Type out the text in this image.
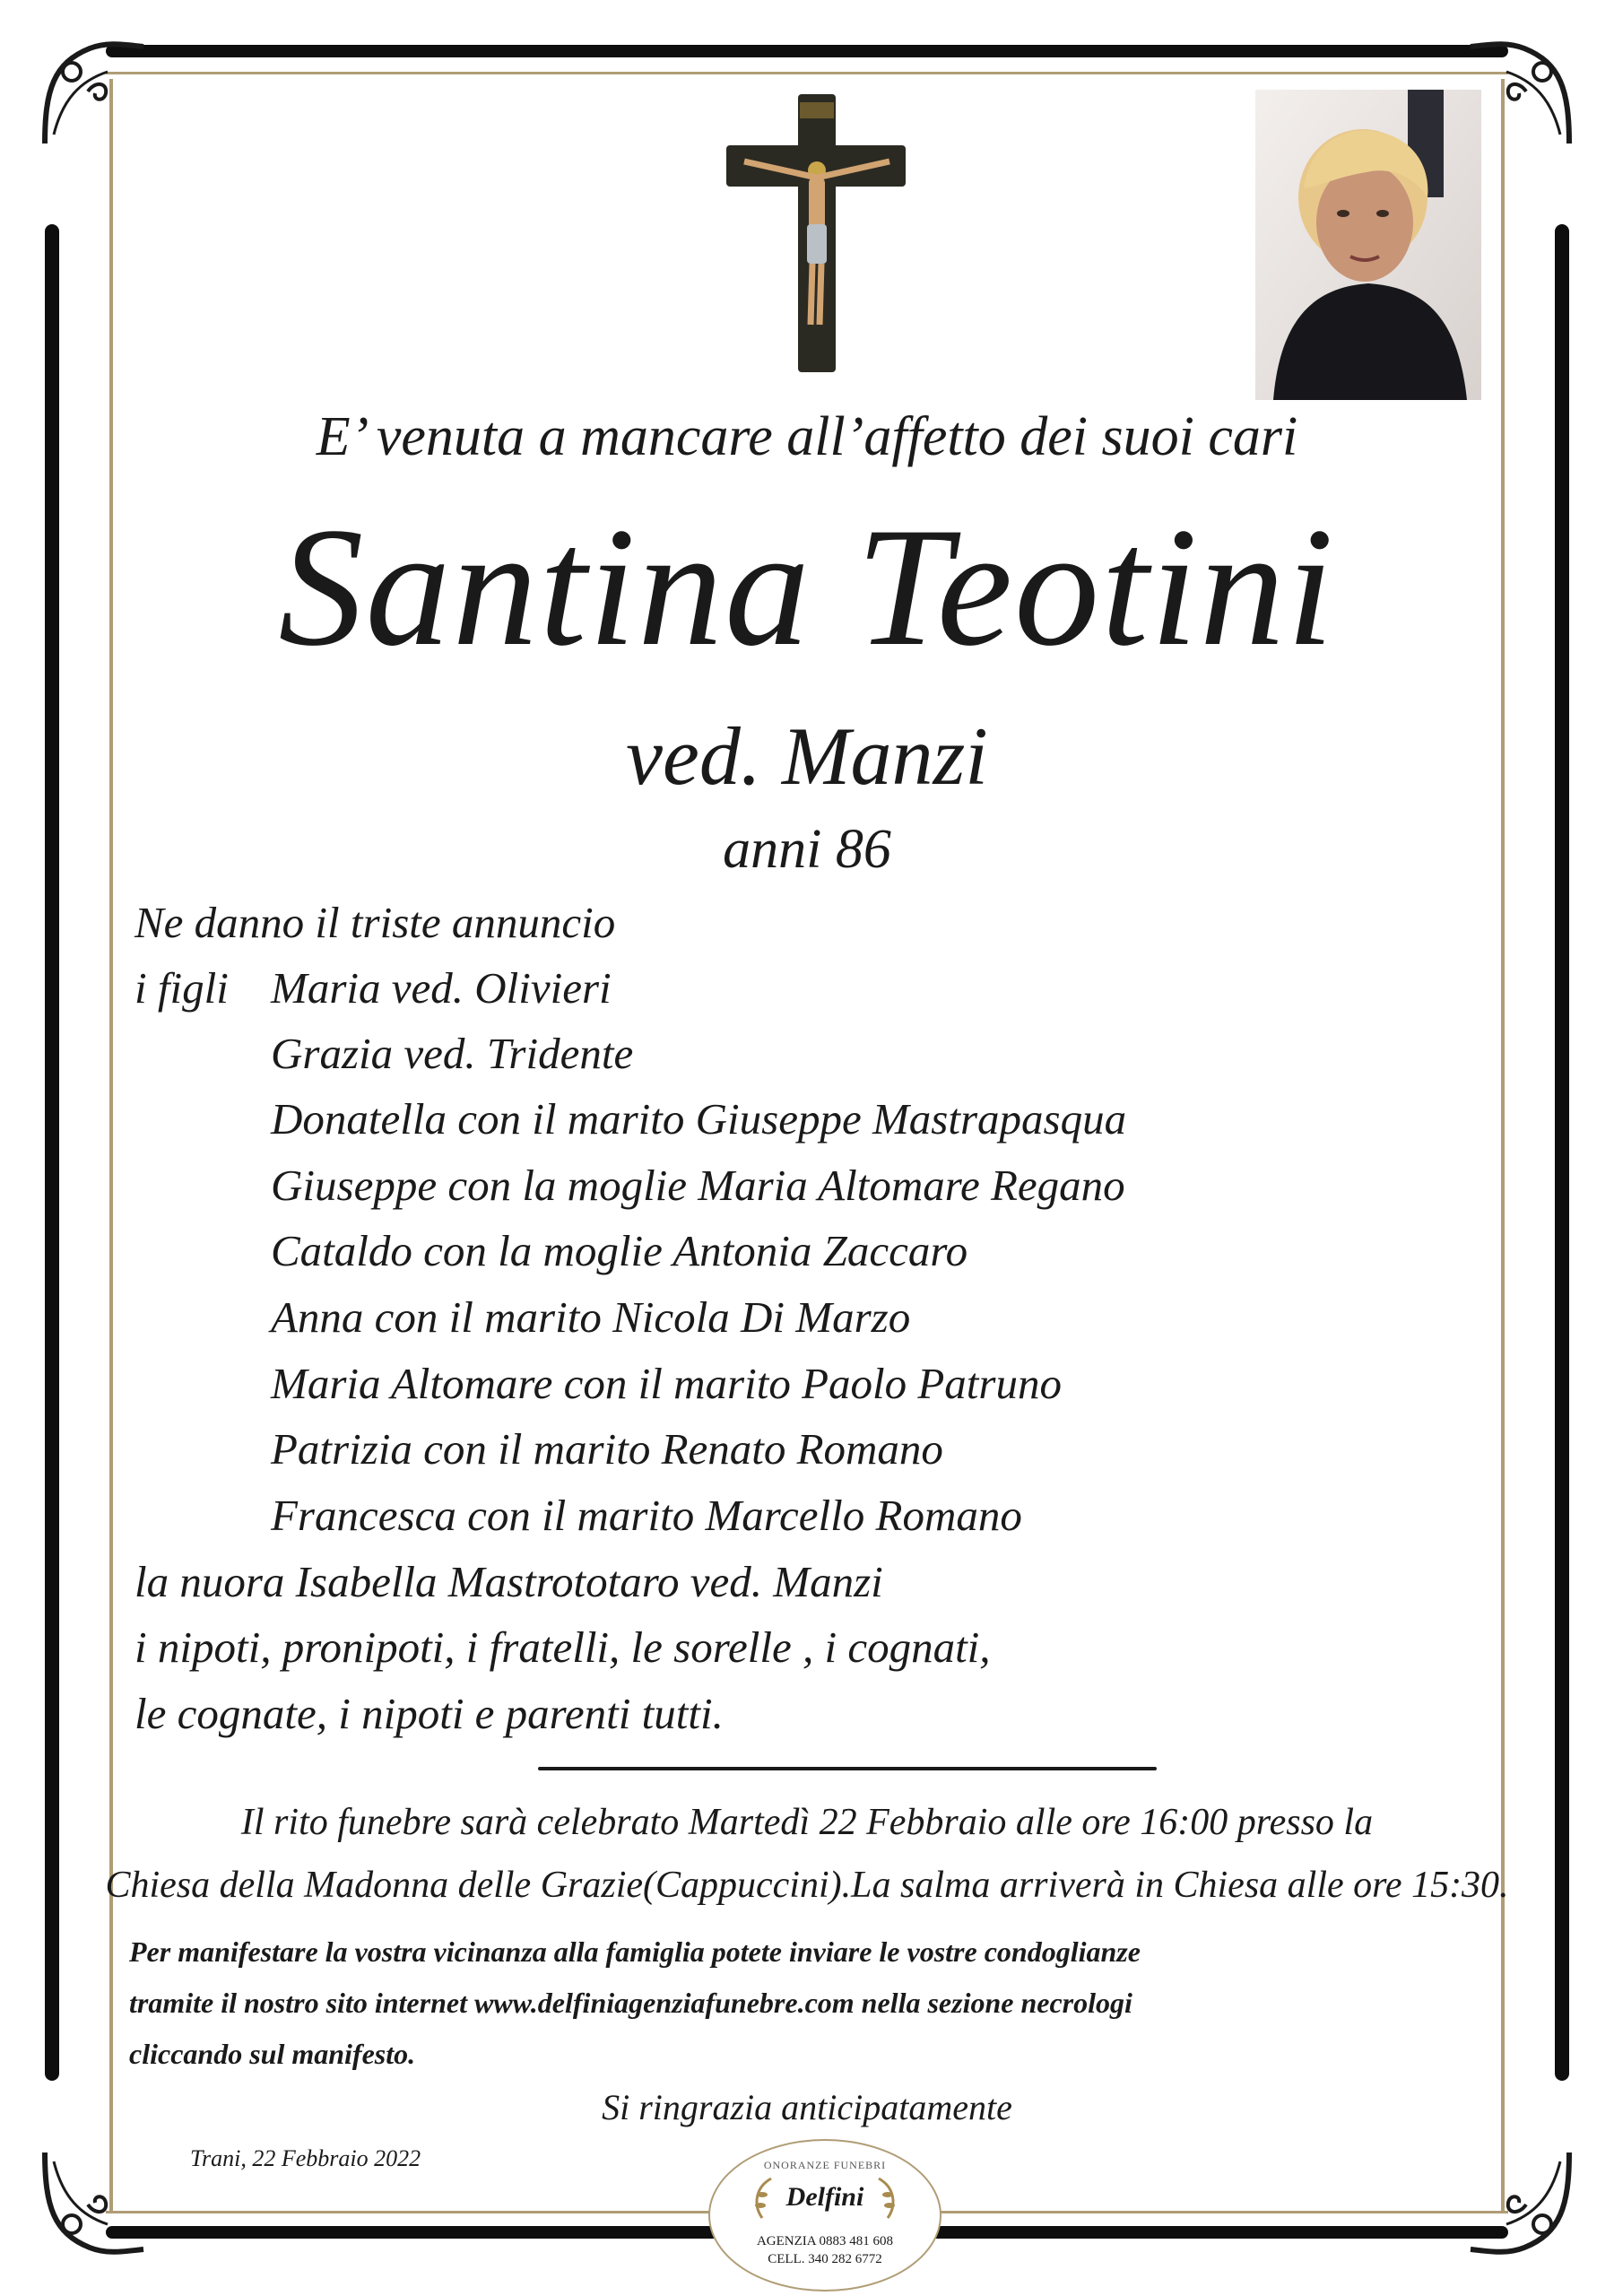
E’ venuta a mancare all’affetto dei suoi cari
Santina Teotini
ved. Manzi
anni 86
Ne danno il triste annuncio
i figli Maria ved. Olivieri
Grazia ved. Tridente
Donatella con il marito Giuseppe Mastrapasqua
Giuseppe con la moglie Maria Altomare Regano
Cataldo con la moglie Antonia Zaccaro
Anna con il marito Nicola Di Marzo
Maria Altomare con il marito Paolo Patruno
Patrizia con il marito Renato Romano
Francesca con il marito Marcello Romano
la nuora Isabella Mastrototaro ved. Manzi
i nipoti, pronipoti, i fratelli, le sorelle , i cognati,
le cognate, i nipoti e parenti tutti.
Il rito funebre sarà celebrato Martedì 22 Febbraio alle ore 16:00 presso la
Chiesa della Madonna delle Grazie(Cappuccini).La salma arriverà in Chiesa alle ore 15:30.
Per manifestare la vostra vicinanza alla famiglia potete inviare le vostre condoglianze
tramite il nostro sito internet www.delfiniagenziafunebre.com nella sezione necrologi
cliccando sul manifesto.
Si ringrazia anticipatamente
Trani, 22 Febbraio 2022	ONORANZE FUNEBRI
Delfini
AGENZIA 0883 481 608
CELL. 340 282 6772
